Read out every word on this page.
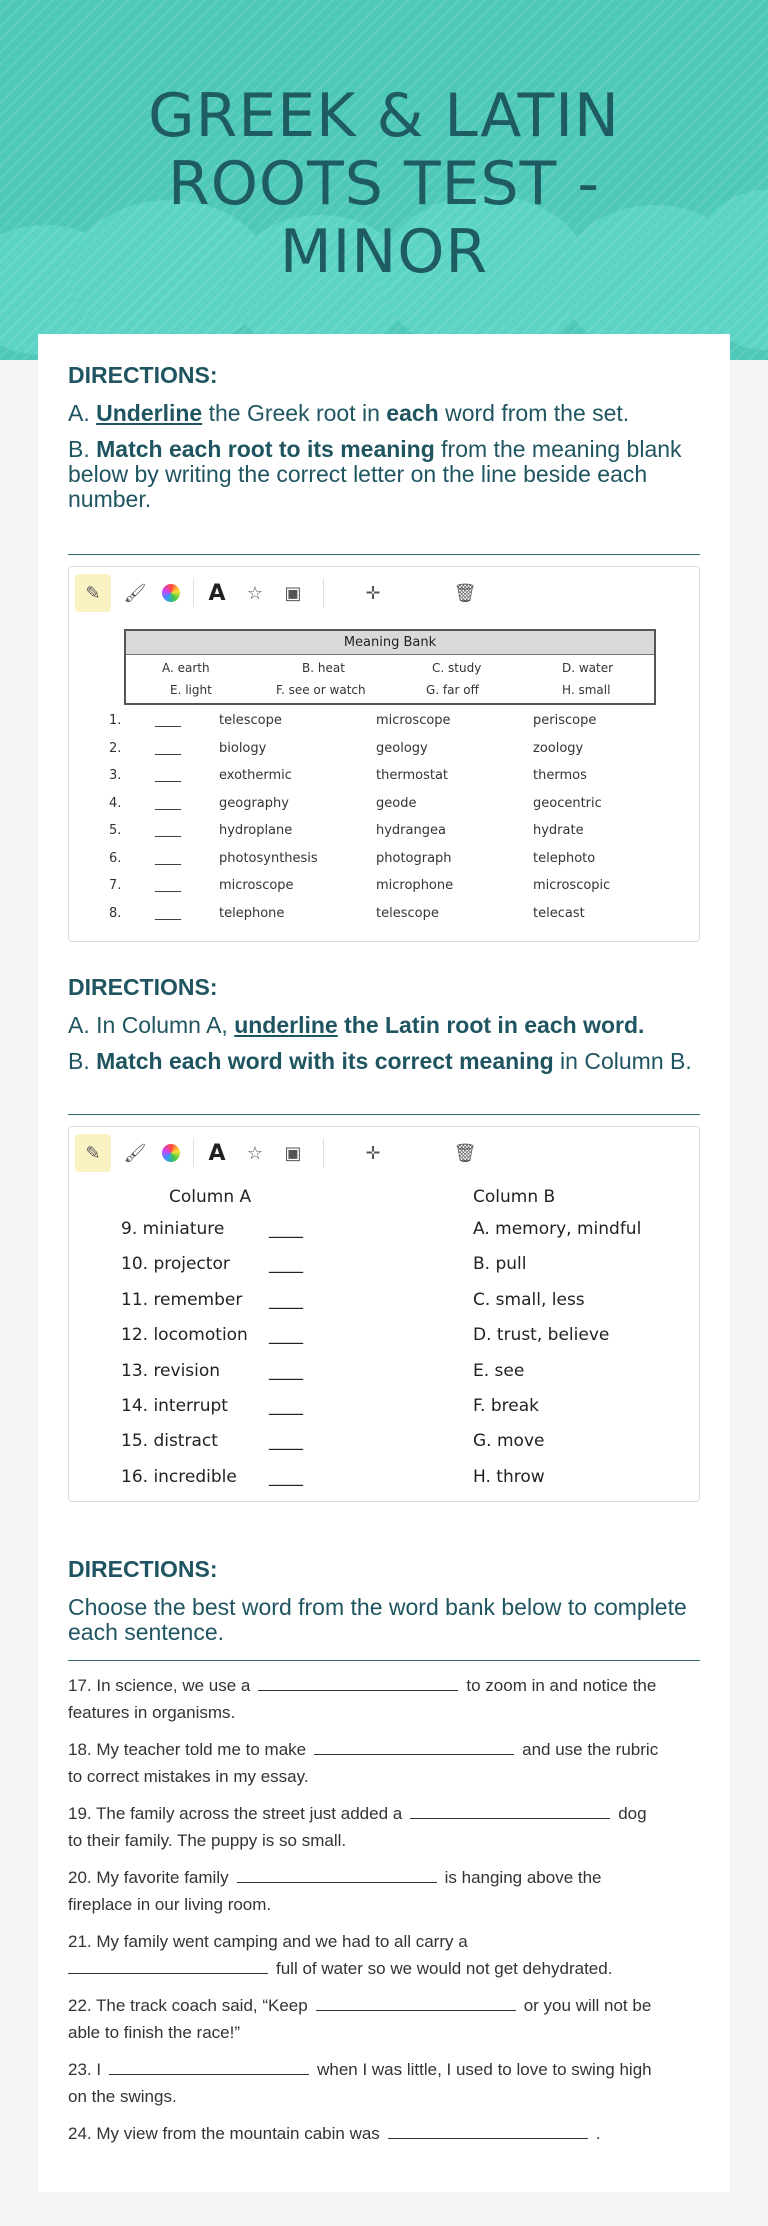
GREEK & LATIN ROOTS TEST - MINOR
DIRECTIONS:
A. Underline the Greek root in each word from the set.
B. Match each root to its meaning from the meaning blank below by writing the correct letter on the line beside each number.
✎	🖌	A	☆	▣	✛	🗑
Meaning Bank
A. earth	B. heat	C. study	D. water
E. light	F. see or watch	G. far off	H. small
1.	____	telescope	microscope	periscope
2.	____	biology	geology	zoology
3.	____	exothermic	thermostat	thermos
4.	____	geography	geode	geocentric
5.	____	hydroplane	hydrangea	hydrate
6.	____	photosynthesis	photograph	telephoto
7.	____	microscope	microphone	microscopic
8.	____	telephone	telescope	telecast
DIRECTIONS:
A. In Column A, underline the Latin root in each word.
B. Match each word with its correct meaning in Column B.
✎	🖌	A	☆	▣	✛	🗑
Column A	Column B
9. miniature	____	A. memory, mindful
10. projector ____	B. pull
11. remember ____	C. small, less
12. locomotion ____	D. trust, believe
13. revision	____	E. see
14. interrupt ____	F. break
15. distract	____	G. move
16. incredible ____	H. throw
DIRECTIONS:
Choose the best word from the word bank below to complete each sentence.
17. In science, we use a	to zoom in and notice the
features in organisms.
18. My teacher told me to make	and use the rubric
to correct mistakes in my essay.
19. The family across the street just added a	dog
to their family. The puppy is so small.
20. My favorite family	is hanging above the
fireplace in our living room.
21. My family went camping and we had to all carry a
full of water so we would not get dehydrated.
22. The track coach said, “Keep	or you will not be
able to finish the race!”
23. I	when I was little, I used to love to swing high
on the swings.
24. My view from the mountain cabin was	.
